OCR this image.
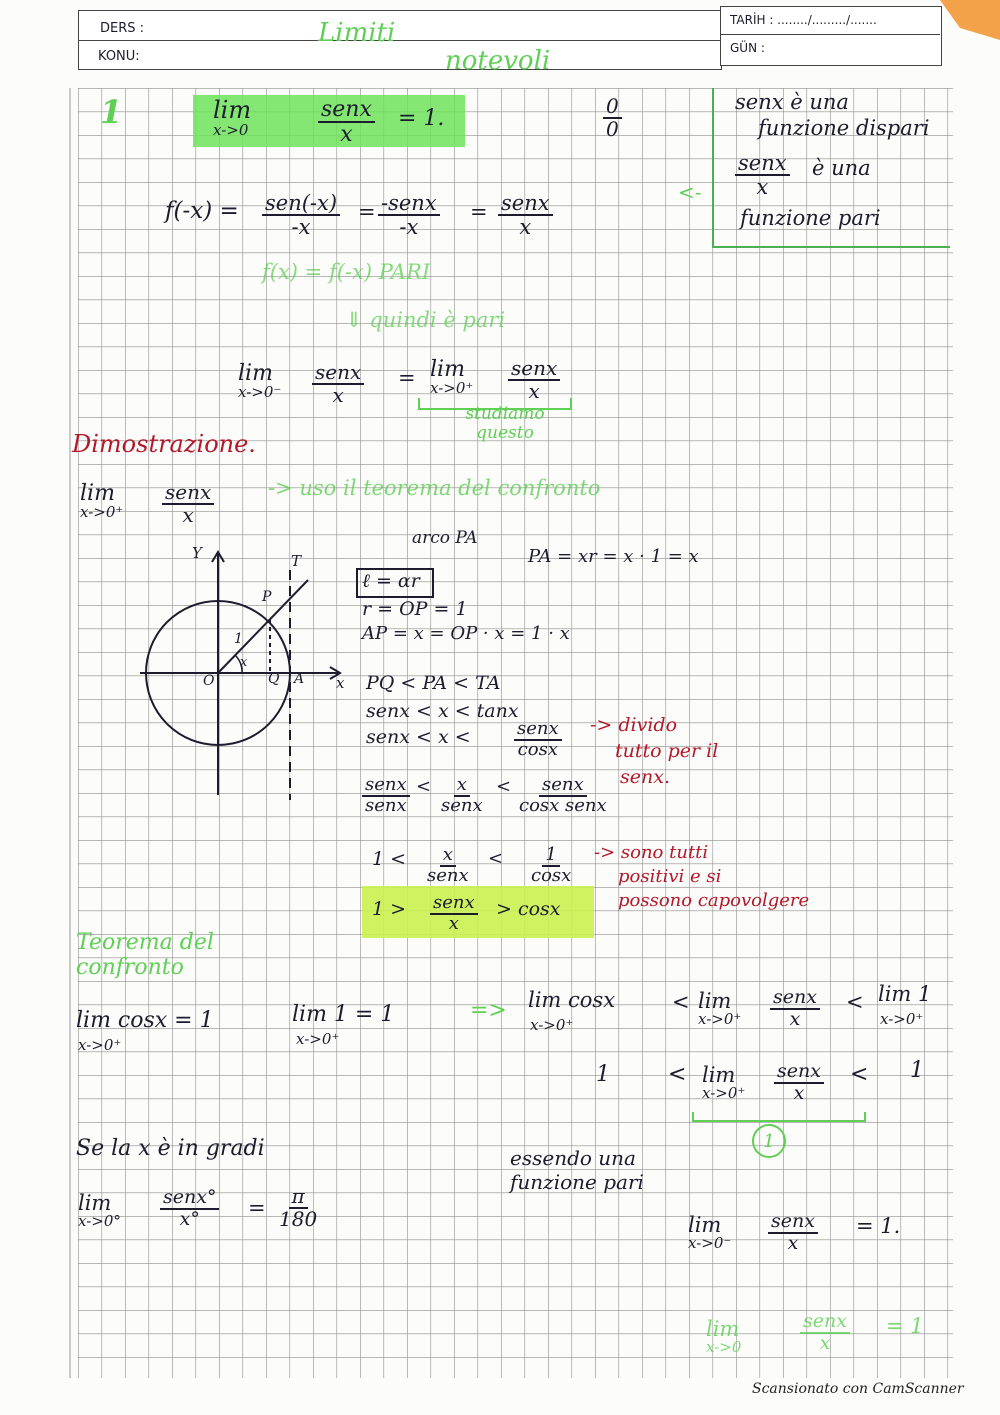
DERS :
KONU:
TARİH : ......../........./.......
GÜN :
Limiti
notevoli
1	lim
x->0
senx
x
= 1.	$\frac{0}{0}$	senx è una
funzione dispari
senx
x
è una
funzione pari
<-
f(-x) = sen(-x)
-x
= -senx
-x
= senx
x
f(x) = f(-x) PARI
⇓ quindi è pari
lim
x->0⁻
senx
x
= lim
x->0⁺
senx
x
studiamo questo
Dimostrazione.
lim
x->0⁺
senx
x
-> uso il teorema del confronto
Y
x
O	Q A
P
T
1
x
arco PA
PA = xr = x · 1 = x
ℓ = αr
r = OP = 1
AP = x = OP · x = 1 · x
PQ < PA < TA
senx < x < tanx
senx < x <	senx
cosx
-> divido
tutto per il
senx.
senx
senx
< x
senx
< senx
cosx senx
1 < x
senx
< $\frac{1}{\cos x}$ -> sono tutti
positivi e si
possono capovolgere
1 > senx
x
> cosx
Teorema del confronto
lim cosx = 1
x->0⁺
lim 1 = 1
x->0⁺
=> lim cosx
x->0⁺
< lim
x->0⁺
senx
x
< lim 1
x->0⁺
1	< lim
x->0⁺
senx
x
< 1
1
Se la x è in gradi
lim
x->0°
senx°
$x^\circ = \frac{\pi}{180}$
essendo una
funzione pari
lim
x->0⁻
senx
x
= 1.
lim
x->0
senx
x
= 1
Scansionato con CamScanner
